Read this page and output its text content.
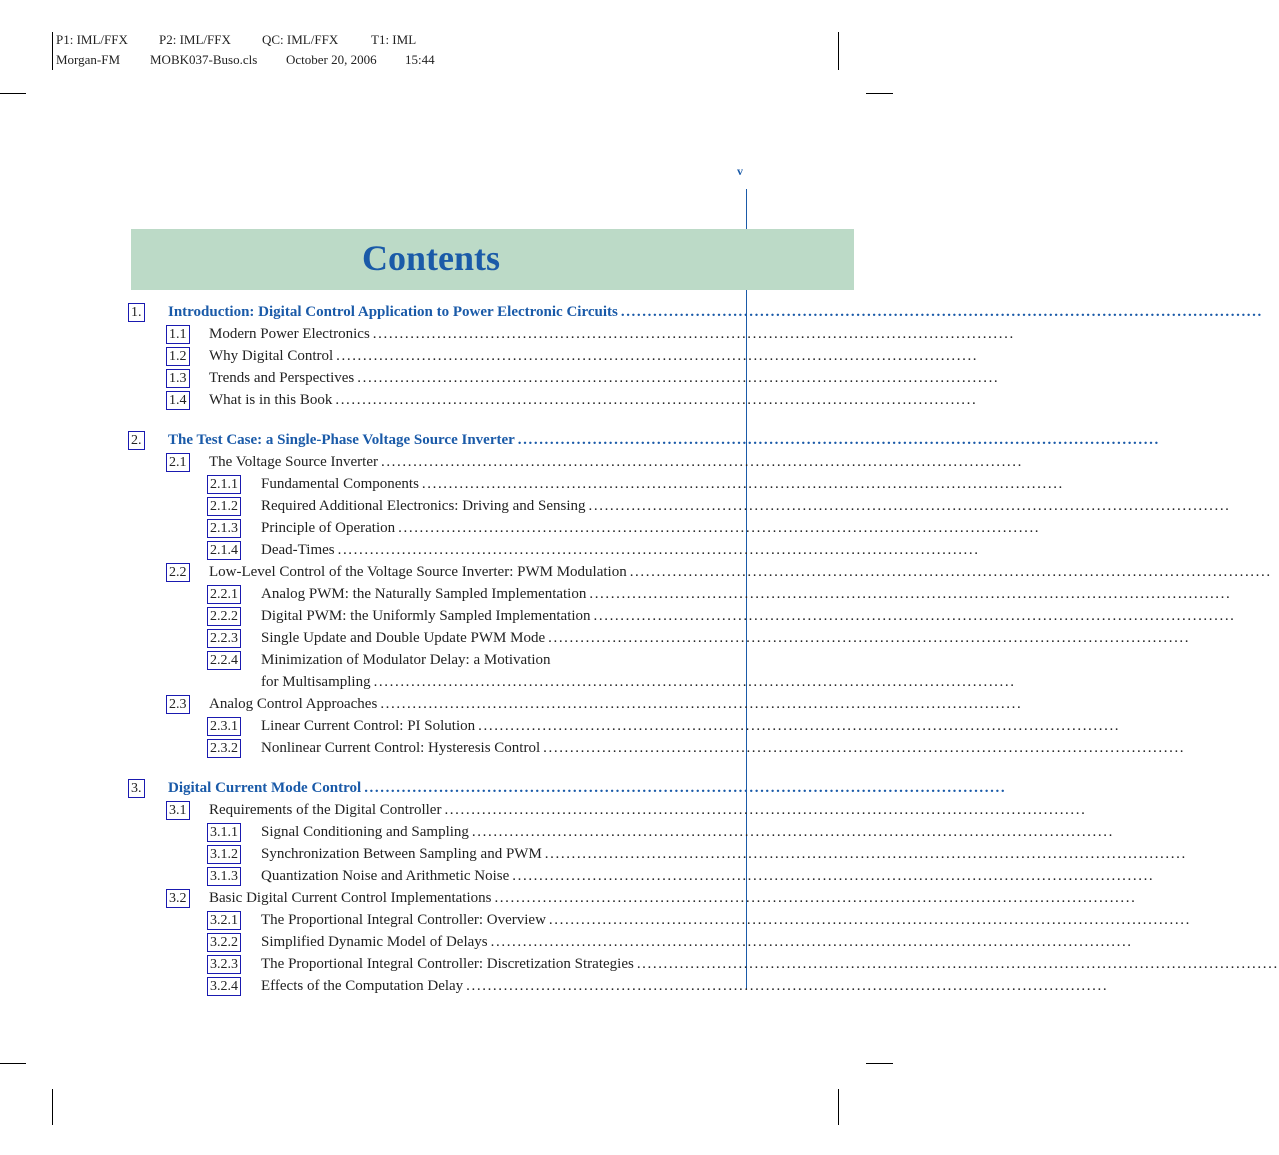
P1: IML/FFX P2: IML/FFX QC: IML/FFX	T1: IML
Morgan-FM MOBK037-Buso.cls October 20, 2006 15:44
v
Contents
1. Introduction: Digital Control Application to Power Electronic Circuits ........................................................................................................................
1.1 Modern Power Electronics ........................................................................................................................
1.2 Why Digital Control ........................................................................................................................
1.3 Trends and Perspectives ........................................................................................................................
1.4 What is in this Book ........................................................................................................................
2. The Test Case: a Single-Phase Voltage Source Inverter ........................................................................................................................
2.1 The Voltage Source Inverter ........................................................................................................................
2.1.1 Fundamental Components ........................................................................................................................
2.1.2 Required Additional Electronics: Driving and Sensing ........................................................................................................................
2.1.3 Principle of Operation ........................................................................................................................
2.1.4 Dead-Times ........................................................................................................................
2.2 Low-Level Control of the Voltage Source Inverter: PWM Modulation ........................................................................................................................
2.2.1 Analog PWM: the Naturally Sampled Implementation ........................................................................................................................
2.2.2 Digital PWM: the Uniformly Sampled Implementation ........................................................................................................................
2.2.3 Single Update and Double Update PWM Mode ........................................................................................................................
2.2.4 Minimization of Modulator Delay: a Motivation
for Multisampling ........................................................................................................................
2.3 Analog Control Approaches ........................................................................................................................
2.3.1 Linear Current Control: PI Solution ........................................................................................................................
2.3.2 Nonlinear Current Control: Hysteresis Control ........................................................................................................................
3. Digital Current Mode Control ........................................................................................................................
3.1 Requirements of the Digital Controller ........................................................................................................................
3.1.1 Signal Conditioning and Sampling ........................................................................................................................
3.1.2 Synchronization Between Sampling and PWM ........................................................................................................................
3.1.3 Quantization Noise and Arithmetic Noise ........................................................................................................................
3.2 Basic Digital Current Control Implementations ........................................................................................................................
3.2.1 The Proportional Integral Controller: Overview ........................................................................................................................
3.2.2 Simplified Dynamic Model of Delays ........................................................................................................................
3.2.3 The Proportional Integral Controller: Discretization Strategies ........................................................................................................................
3.2.4 Effects of the Computation Delay ........................................................................................................................
